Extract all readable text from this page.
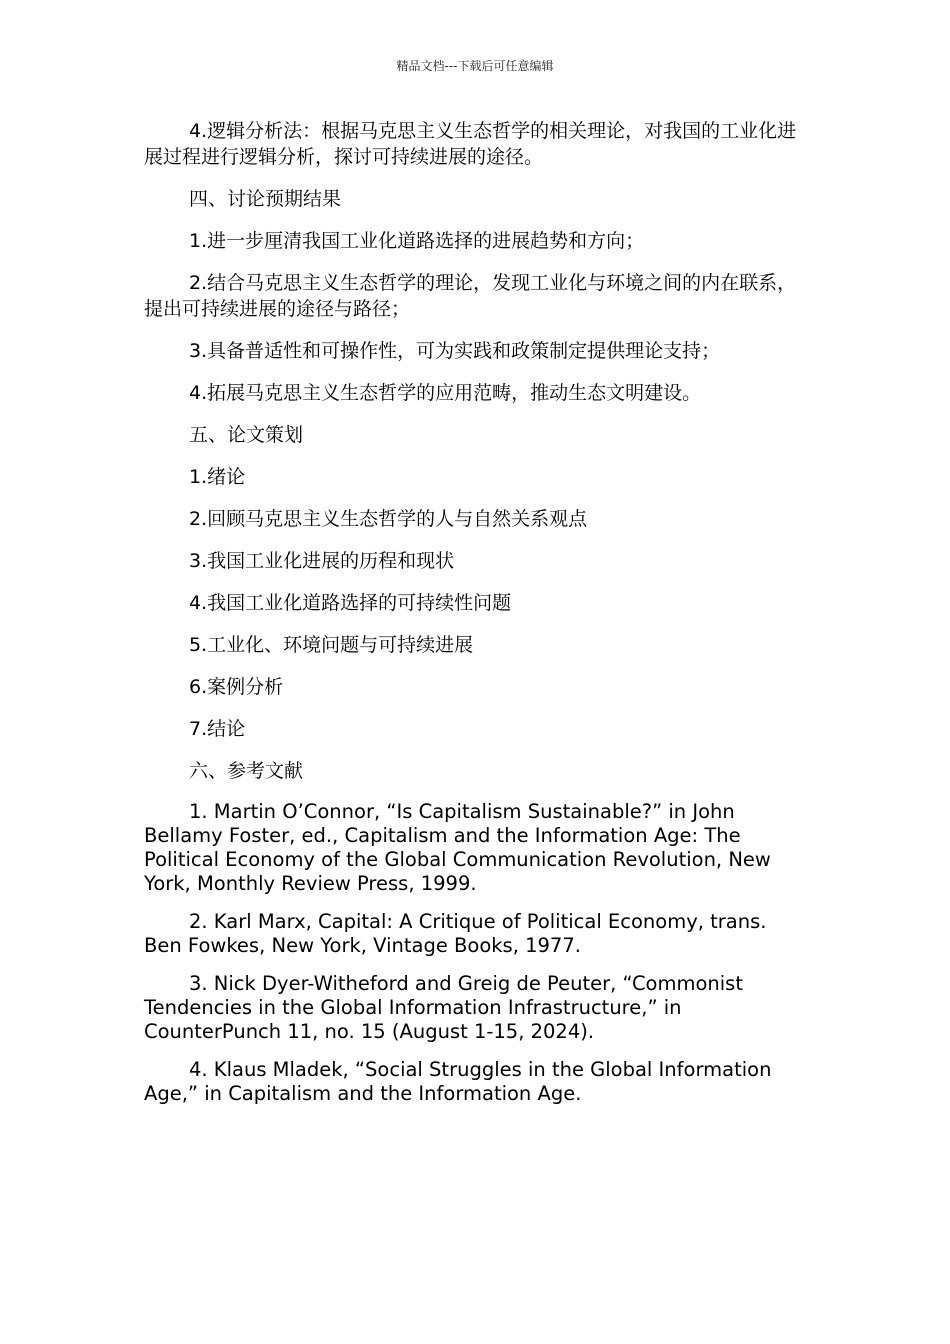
精品文档---下载后可任意编辑

4.逻辑分析法：根据马克思主义生态哲学的相关理论，对我国的工业化进展过程进行逻辑分析，探讨可持续进展的途径。

四、讨论预期结果

1.进一步厘清我国工业化道路选择的进展趋势和方向；

2.结合马克思主义生态哲学的理论，发现工业化与环境之间的内在联系，提出可持续进展的途径与路径；

3.具备普适性和可操作性，可为实践和政策制定提供理论支持；

4.拓展马克思主义生态哲学的应用范畴，推动生态文明建设。

五、论文策划

1.绪论

2.回顾马克思主义生态哲学的人与自然关系观点

3.我国工业化进展的历程和现状

4.我国工业化道路选择的可持续性问题

5.工业化、环境问题与可持续进展

6.案例分析

7.结论

六、参考文献

1. Martin O’Connor, “Is Capitalism Sustainable?” in John Bellamy Foster, ed., Capitalism and the Information Age: The Political Economy of the Global Communication Revolution, New York, Monthly Review Press, 1999.

2. Karl Marx, Capital: A Critique of Political Economy, trans. Ben Fowkes, New York, Vintage Books, 1977.

3. Nick Dyer-Witheford and Greig de Peuter, “Commonist Tendencies in the Global Information Infrastructure,” in CounterPunch 11, no. 15 (August 1-15, 2024).

4. Klaus Mladek, “Social Struggles in the Global Information Age,” in Capitalism and the Information Age.
